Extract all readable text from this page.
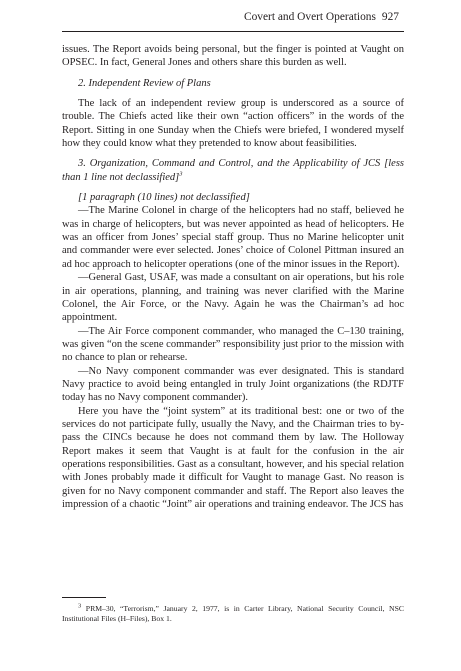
Covert and Overt Operations 927

issues. The Report avoids being personal, but the finger is pointed at Vaught on OPSEC. In fact, General Jones and others share this burden as well.

2. Independent Review of Plans

The lack of an independent review group is underscored as a source of trouble. The Chiefs acted like their own “action officers” in the words of the Report. Sitting in one Sunday when the Chiefs were briefed, I wondered myself how they could know what they pretended to know about feasibilities.

3. Organization, Command and Control, and the Applicability of JCS [less than 1 line not declassified]$^3$

[1 paragraph (10 lines) not declassified]

—The Marine Colonel in charge of the helicopters had no staff, believed he was in charge of helicopters, but was never appointed as head of helicopters. He was an officer from Jones’ special staff group. Thus no Marine helicopter unit and commander were ever selected. Jones’ choice of Colonel Pittman insured an ad hoc approach to helicopter operations (one of the minor issues in the Report).

—General Gast, USAF, was made a consultant on air operations, but his role in air operations, planning, and training was never clarified with the Marine Colonel, the Air Force, or the Navy. Again he was the Chairman’s ad hoc appointment.

—The Air Force component commander, who managed the C–130 training, was given “on the scene commander” responsibility just prior to the mission with no chance to plan or rehearse.

—No Navy component commander was ever designated. This is standard Navy practice to avoid being entangled in truly Joint organizations (the RDJTF today has no Navy component commander).

Here you have the “joint system” at its traditional best: one or two of the services do not participate fully, usually the Navy, and the Chairman tries to by-pass the CINCs because he does not command them by law. The Holloway Report makes it seem that Vaught is at fault for the confusion in the air operations responsibilities. Gast as a consultant, however, and his special relation with Jones probably made it difficult for Vaught to manage Gast. No reason is given for no Navy component commander and staff. The Report also leaves the impression of a chaotic “Joint” air operations and training endeavor. The JCS has

$^3$ PRM–30, “Terrorism,” January 2, 1977, is in Carter Library, National Security Council, NSC Institutional Files (H–Files), Box 1.
